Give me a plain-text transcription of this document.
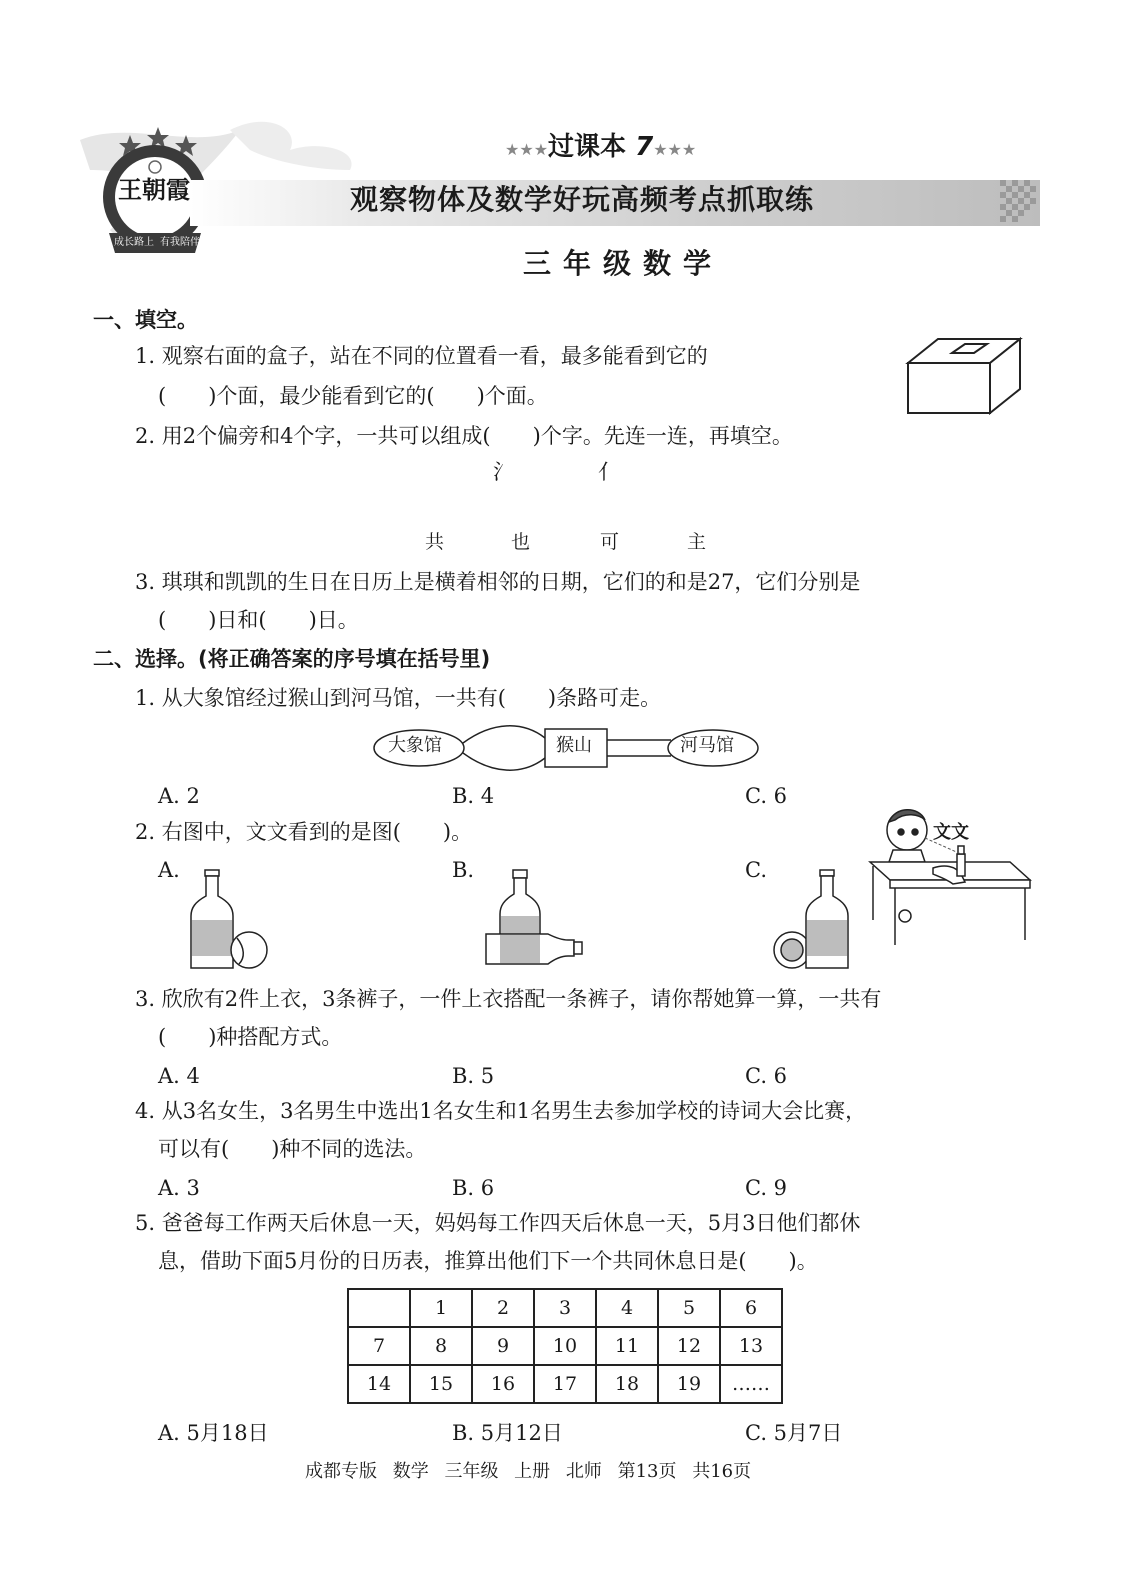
王朝霞
成长路上 有我陪伴
★★★过课本 7★★★
观察物体及数学好玩高频考点抓取练
三年级数学
一、填空。
1. 观察右面的盒子，站在不同的位置看一看，最多能看到它的
(　　)个面，最少能看到它的(　　)个面。
2. 用2个偏旁和4个字，一共可以组成(　　)个字。先连一连，再填空。
氵	亻
共	也	可	主
3. 琪琪和凯凯的生日在日历上是横着相邻的日期，它们的和是27，它们分别是
(　　)日和(　　)日。
二、选择。(将正确答案的序号填在括号里)
1. 从大象馆经过猴山到河马馆，一共有(　　)条路可走。
大象馆	猴山	河马馆
A. 2	B. 4	C. 6
2. 右图中，文文看到的是图(　　)。
A.	B.	C.
文文
3. 欣欣有2件上衣，3条裤子，一件上衣搭配一条裤子，请你帮她算一算，一共有
(　　)种搭配方式。
A. 4	B. 5	C. 6
4. 从3名女生，3名男生中选出1名女生和1名男生去参加学校的诗词大会比赛，
可以有(　　)种不同的选法。
A. 3	B. 6	C. 9
5. 爸爸每工作两天后休息一天，妈妈每工作四天后休息一天，5月3日他们都休
息，借助下面5月份的日历表，推算出他们下一个共同休息日是(　　)。
	1	2	3	4	5	6
7	8	9	10	11	12	13
14	15	16	17	18	19	……
A. 5月18日	B. 5月12日	C. 5月7日
成都专版 数学 三年级 上册 北师 第13页 共16页
